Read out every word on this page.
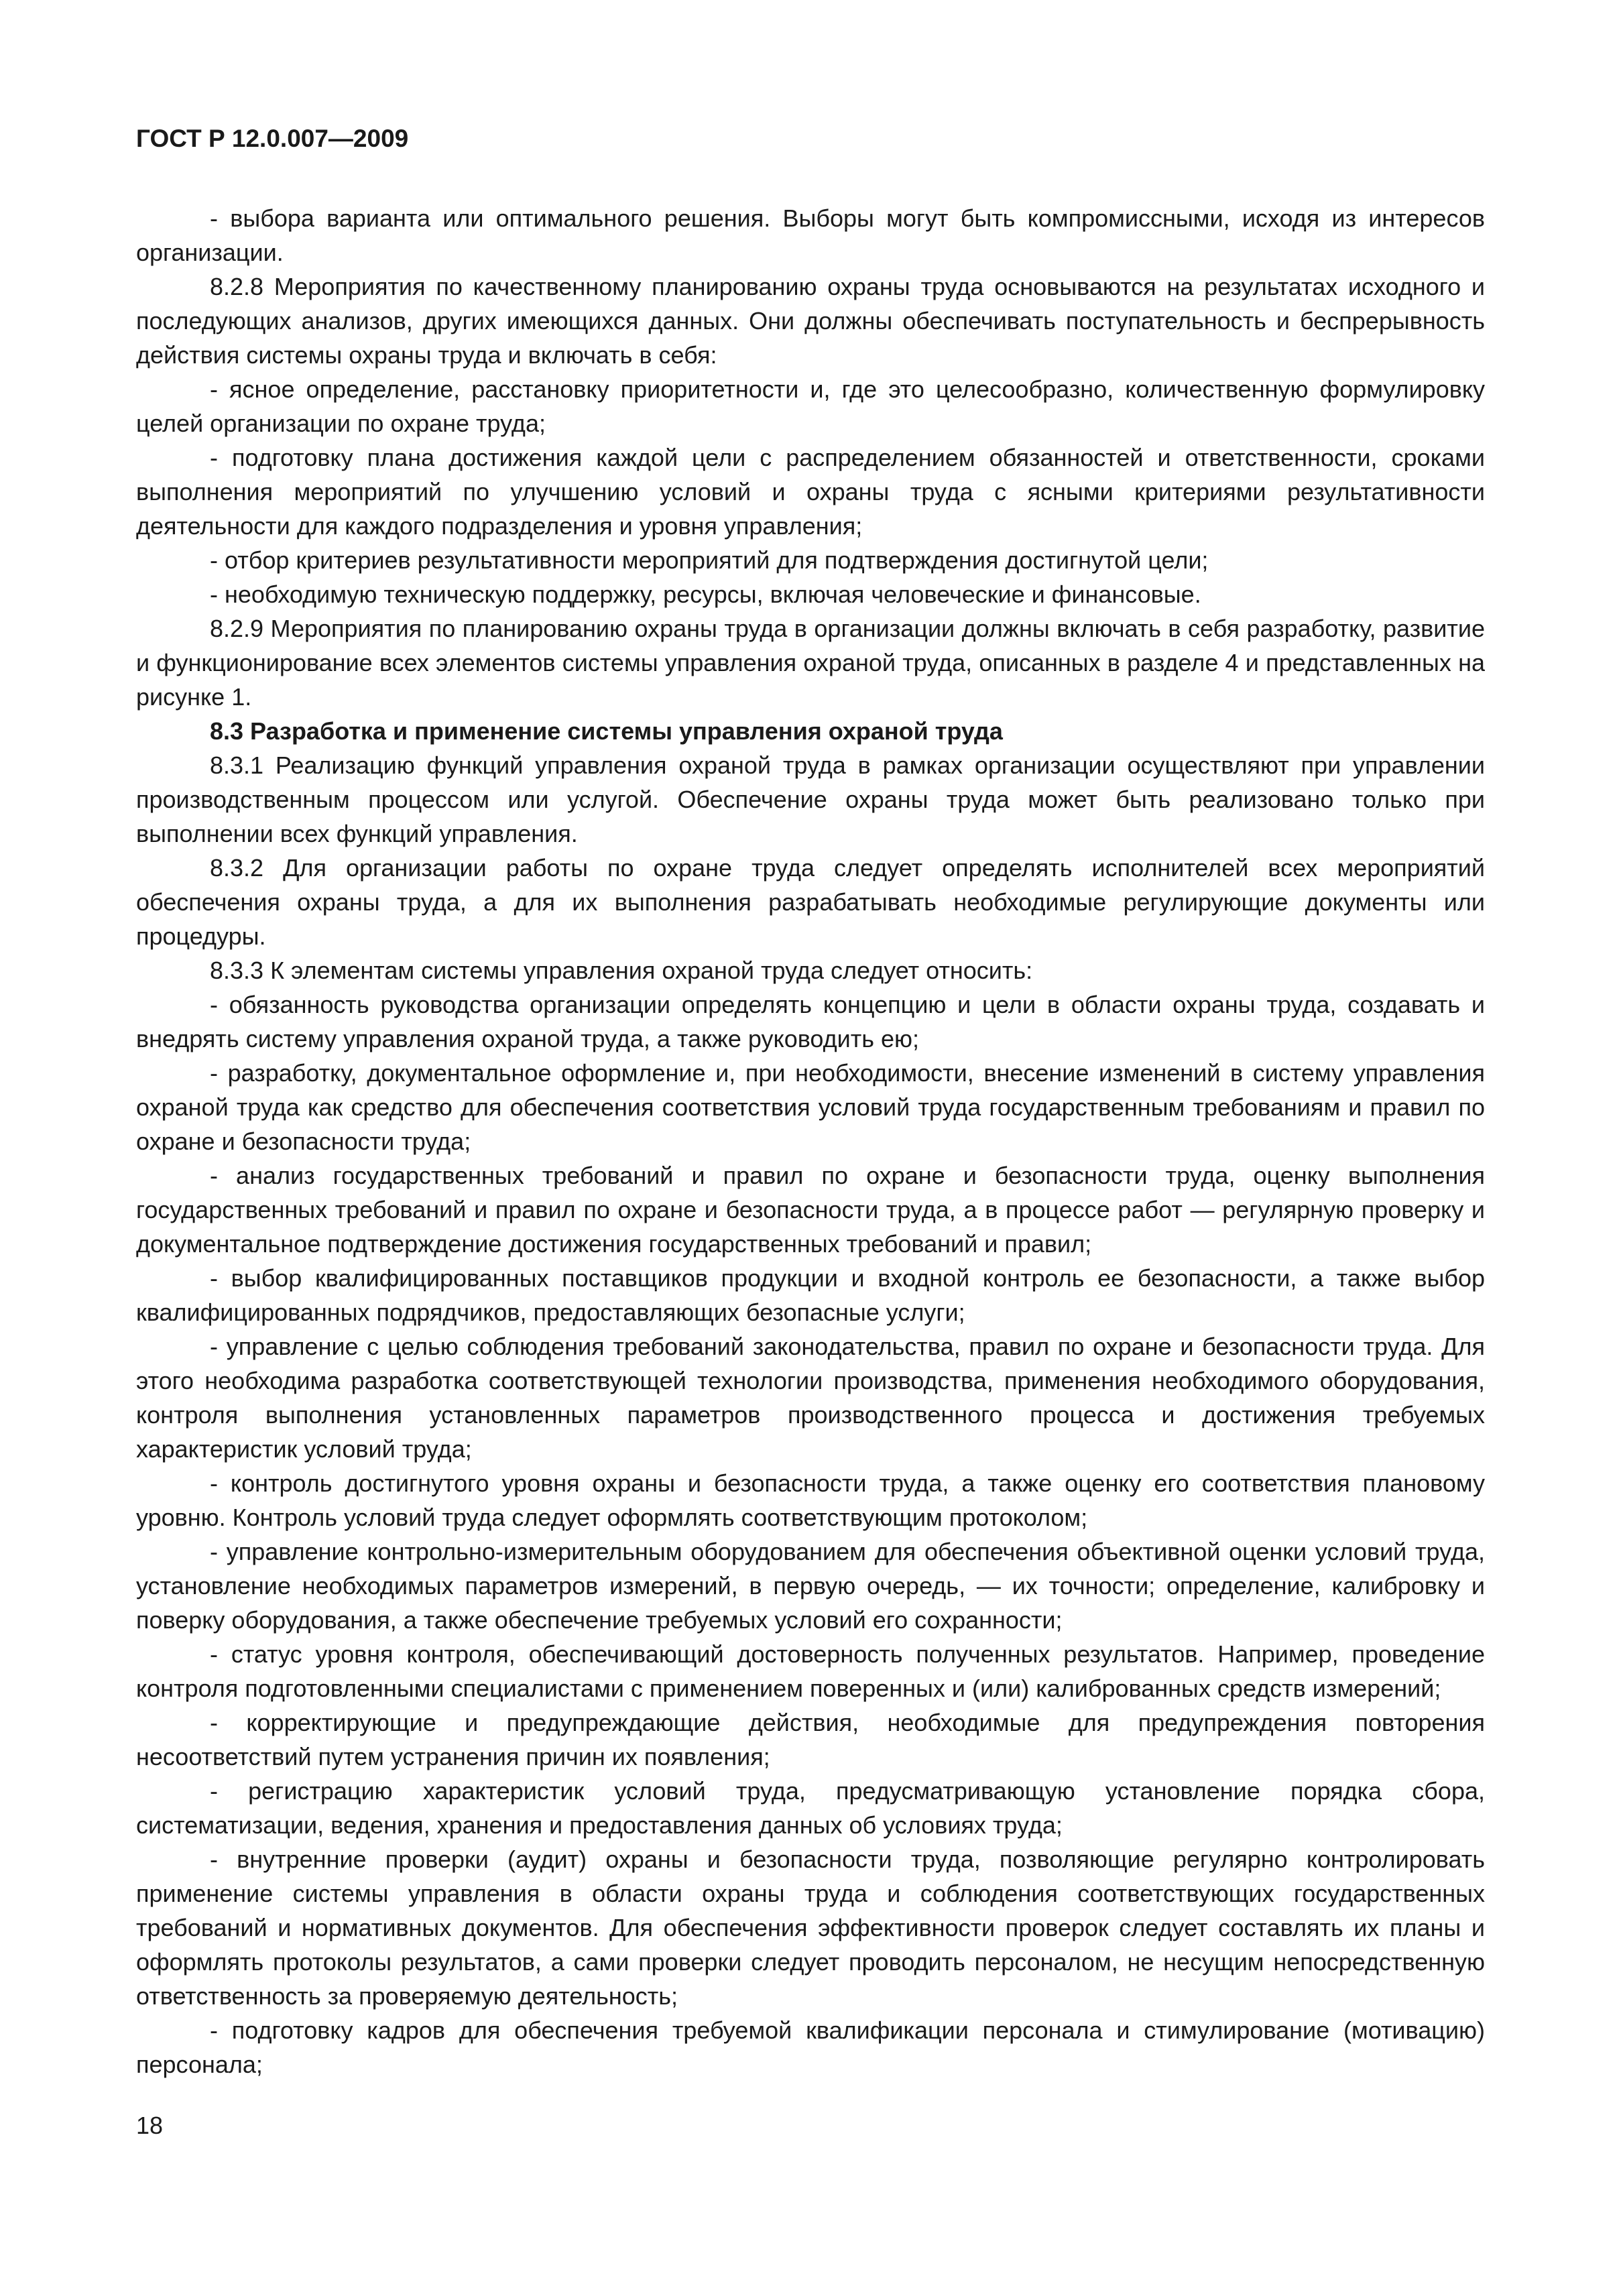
ГОСТ Р 12.0.007—2009

- выбора варианта или оптимального решения. Выборы могут быть компромиссными, исходя из интересов организации.

8.2.8 Мероприятия по качественному планированию охраны труда основываются на результатах исходного и последующих анализов, других имеющихся данных. Они должны обеспечивать поступательность и беспрерывность действия системы охраны труда и включать в себя:

- ясное определение, расстановку приоритетности и, где это целесообразно, количественную формулировку целей организации по охране труда;

- подготовку плана достижения каждой цели с распределением обязанностей и ответственности, сроками выполнения мероприятий по улучшению условий и охраны труда с ясными критериями результативности деятельности для каждого подразделения и уровня управления;

- отбор критериев результативности мероприятий для подтверждения достигнутой цели;

- необходимую техническую поддержку, ресурсы, включая человеческие и финансовые.

8.2.9 Мероприятия по планированию охраны труда в организации должны включать в себя разработку, развитие и функционирование всех элементов системы управления охраной труда, описанных в разделе 4 и представленных на рисунке 1.

8.3 Разработка и применение системы управления охраной труда

8.3.1 Реализацию функций управления охраной труда в рамках организации осуществляют при управлении производственным процессом или услугой. Обеспечение охраны труда может быть реализовано только при выполнении всех функций управления.

8.3.2 Для организации работы по охране труда следует определять исполнителей всех мероприятий обеспечения охраны труда, а для их выполнения разрабатывать необходимые регулирующие документы или процедуры.

8.3.3 К элементам системы управления охраной труда следует относить:

- обязанность руководства организации определять концепцию и цели в области охраны труда, создавать и внедрять систему управления охраной труда, а также руководить ею;

- разработку, документальное оформление и, при необходимости, внесение изменений в систему управления охраной труда как средство для обеспечения соответствия условий труда государственным требованиям и правил по охране и безопасности труда;

- анализ государственных требований и правил по охране и безопасности труда, оценку выполнения государственных требований и правил по охране и безопасности труда, а в процессе работ — регулярную проверку и документальное подтверждение достижения государственных требований и правил;

- выбор квалифицированных поставщиков продукции и входной контроль ее безопасности, а также выбор квалифицированных подрядчиков, предоставляющих безопасные услуги;

- управление с целью соблюдения требований законодательства, правил по охране и безопасности труда. Для этого необходима разработка соответствующей технологии производства, применения необходимого оборудования, контроля выполнения установленных параметров производственного процесса и достижения требуемых характеристик условий труда;

- контроль достигнутого уровня охраны и безопасности труда, а также оценку его соответствия плановому уровню. Контроль условий труда следует оформлять соответствующим протоколом;

- управление контрольно-измерительным оборудованием для обеспечения объективной оценки условий труда, установление необходимых параметров измерений, в первую очередь, — их точности; определение, калибровку и поверку оборудования, а также обеспечение требуемых условий его сохранности;

- статус уровня контроля, обеспечивающий достоверность полученных результатов. Например, проведение контроля подготовленными специалистами с применением поверенных и (или) калиброванных средств измерений;

- корректирующие и предупреждающие действия, необходимые для предупреждения повторения несоответствий путем устранения причин их появления;

- регистрацию характеристик условий труда, предусматривающую установление порядка сбора, систематизации, ведения, хранения и предоставления данных об условиях труда;

- внутренние проверки (аудит) охраны и безопасности труда, позволяющие регулярно контролировать применение системы управления в области охраны труда и соблюдения соответствующих государственных требований и нормативных документов. Для обеспечения эффективности проверок следует составлять их планы и оформлять протоколы результатов, а сами проверки следует проводить персоналом, не несущим непосредственную ответственность за проверяемую деятельность;

- подготовку кадров для обеспечения требуемой квалификации персонала и стимулирование (мотивацию) персонала;

18
